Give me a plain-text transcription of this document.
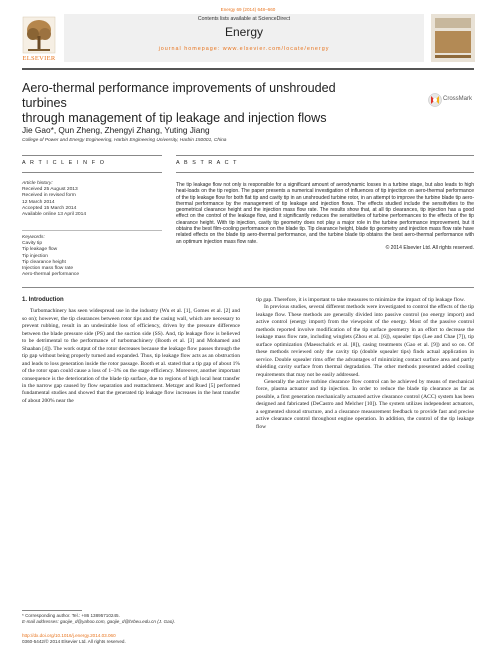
Energy 69 (2014) 648–660
ELSEVIER
Contents lists available at ScienceDirect
Energy
journal homepage: www.elsevier.com/locate/energy
Aero-thermal performance improvements of unshrouded turbines
through management of tip leakage and injection flows
CrossMark
Jie Gao*, Qun Zheng, Zhengyi Zhang, Yuting Jiang
College of Power and Energy Engineering, Harbin Engineering University, Harbin 150001, China
A R T I C L E I N F O	A B S T R A C T
Article history:
Received 25 August 2013
Received in revised form
12 March 2014
Accepted 15 March 2014
Available online 13 April 2014
Keywords:
Cavity tip
Tip leakage flow
Tip injection
Tip clearance height
Injection mass flow rate
Aero-thermal performance
The tip leakage flow not only is responsible for a significant amount of aerodynamic losses in a turbine stage, but also leads to high heat-loads on the tip region. The paper presents a numerical investigation of influences of tip injection on aero-thermal performance of the tip leakage flow for both flat tip and cavity tip in an unshrouded turbine rotor, in an attempt to improve the turbine blade tip aero-thermal performance by the management of tip leakage and injection flows. The effects studied include the sensitivities to the geometrical clearance height and the injection mass flow rate. The results show that, at all tip clearances, tip injection has a good effect on the control of the leakage flow, and it significantly reduces the sensitivities of turbine performances to the effects of the tip clearance height. With tip injection, cavity tip geometry does not play a major role in the turbine performance improvement, but it obtains the best film-cooling performance on the blade tip. Tip clearance height, blade tip geometry and injection mass flow rate have related effects on the blade tip aero-thermal performance, and the turbine blade tip obtains the best aero-thermal performance with an optimum injection mass flow rate.
© 2014 Elsevier Ltd. All rights reserved.
1. Introduction

Turbomachinery has seen widespread use in the industry (Wu et al. [1], Gomes et al. [2] and so on); however, the tip clearances between rotor tips and the casing wall, which are necessary to prevent rubbing, result in an undesirable loss of efficiency, driven by the pressure difference between the blade pressure side (PS) and the suction side (SS). And, tip leakage flow is believed to be detrimental to the performance of turbomachinery (Booth et al. [3] and Mohamed and Shaaban [4]). The work output of the rotor decreases because the leakage flow passes through the tip gap without being properly turned and expanded. Thus, tip leakage flow acts as an obstruction and leads to loss generation inside the rotor passage. Booth et al. stated that a tip gap of about 1% of the rotor span could cause a loss of 1–3% on the stage efficiency. Moreover, another important consequence is the deterioration of the blade tip surface, due to regions of high local heat transfer in the narrow gap caused by flow separation and reattachment. Metzger and Rued [5] performed fundamental studies and showed that the generated tip leakage flow increases in the heat transfer of about 200% near the

tip gap. Therefore, it is important to take measures to minimize the impact of tip leakage flow.

In previous studies, several different methods were investigated to control the effects of the tip leakage flow. These methods are generally divided into passive control (no energy import) and active control (energy import) from the viewpoint of the energy. Most of the passive control methods reported involve modification of the tip surface geometry in an effort to decrease the leakage mass flow rate, including winglets (Zhou et al. [6]), squealer tips (Lee and Chae [7]), tip surface optimization (Maesschalck et al. [8]), casing treatments (Gao et al. [9]) and so on. Of these methods reviewed only the cavity tip (double squealer tips) finds actual application in service. Double squealer rims offer the advantages of minimizing contact surface area and partly shielding cavity surface from thermal degradation. The other methods presented added cooling requirements that may not be easily addressed.

Generally the active turbine clearance flow control can be achieved by means of mechanical force, plasma actuator and tip injection. In order to reduce the blade tip clearance as far as possible, a first generation mechanically actuated active clearance control (ACC) system has been designed and fabricated (DeCastro and Melcher [10]). The system utilizes independent actuators, a segmented shroud structure, and a clearance measurement feedback to provide fast and precise active clearance control throughout engine operation. In addition, the control of the tip leakage flow

* Corresponding author. Tel.: +86 13895710245.
E-mail addresses: gaojie_d@yahoo.com, gaojie_d@hrbeu.edu.cn (J. Gao).
http://dx.doi.org/10.1016/j.energy.2014.03.060
0360-5442/© 2014 Elsevier Ltd. All rights reserved.
